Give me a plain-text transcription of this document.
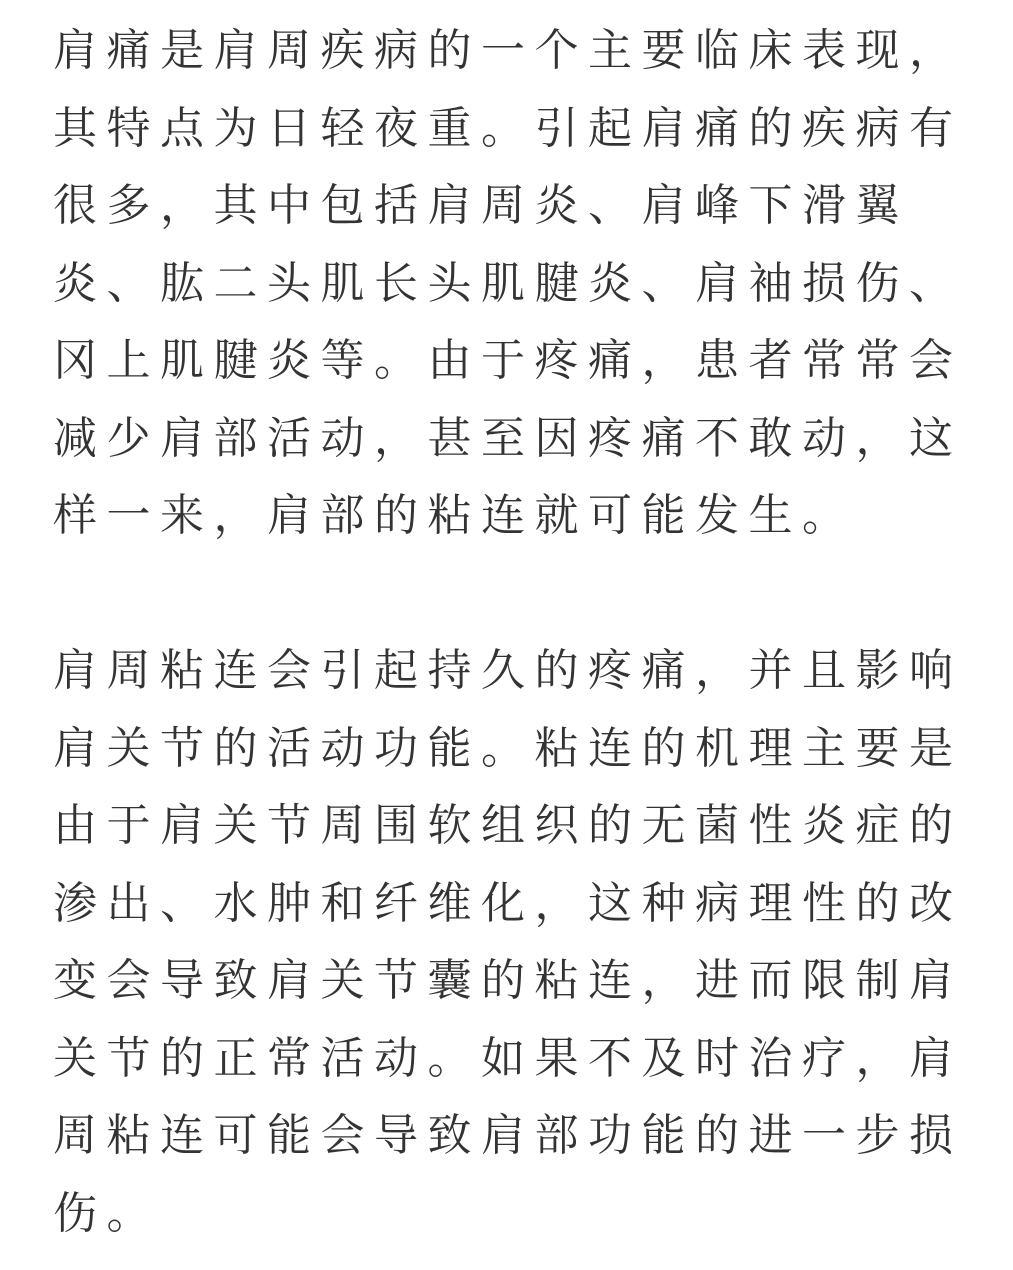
肩痛是肩周疾病的一个主要临床表现，
其特点为日轻夜重。引起肩痛的疾病有
很多，其中包括肩周炎、肩峰下滑翼
炎、肱二头肌长头肌腱炎、肩袖损伤、
冈上肌腱炎等。由于疼痛，患者常常会
减少肩部活动，甚至因疼痛不敢动，这
样一来，肩部的粘连就可能发生。
肩周粘连会引起持久的疼痛，并且影响
肩关节的活动功能。粘连的机理主要是
由于肩关节周围软组织的无菌性炎症的
渗出、水肿和纤维化，这种病理性的改
变会导致肩关节囊的粘连，进而限制肩
关节的正常活动。如果不及时治疗，肩
周粘连可能会导致肩部功能的进一步损
伤。
